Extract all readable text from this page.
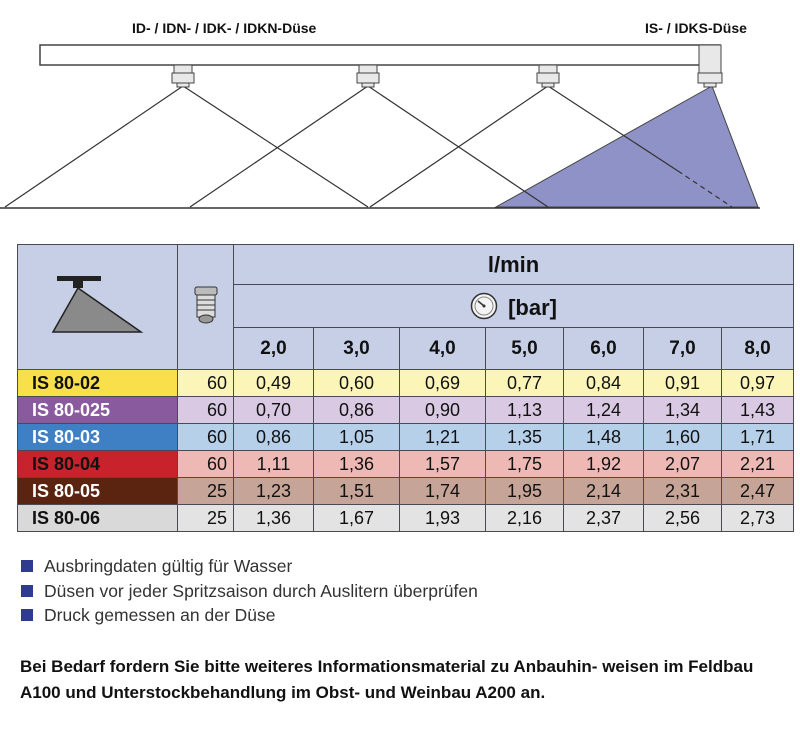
ID- / IDN- / IDK- / IDKN-Düse	IS- / IDKS-Düse
		l/min						
		[bar]						
		2,0	3,0	4,0	5,0	6,0	7,0	8,0
IS 80-02	60	0,49	0,60	0,69	0,77	0,84	0,91	0,97
IS 80-025	60	0,70	0,86	0,90	1,13	1,24	1,34	1,43
IS 80-03	60	0,86	1,05	1,21	1,35	1,48	1,60	1,71
IS 80-04	60	1,11	1,36	1,57	1,75	1,92	2,07	2,21
IS 80-05	25	1,23	1,51	1,74	1,95	2,14	2,31	2,47
IS 80-06	25	1,36	1,67	1,93	2,16	2,37	2,56	2,73
Ausbringdaten gültig für Wasser
Düsen vor jeder Spritzsaison durch Auslitern überprüfen
Druck gemessen an der Düse
Bei Bedarf fordern Sie bitte weiteres Informationsmaterial zu Anbauhin- weisen im Feldbau A100 und Unterstockbehandlung im Obst- und Weinbau A200 an.
